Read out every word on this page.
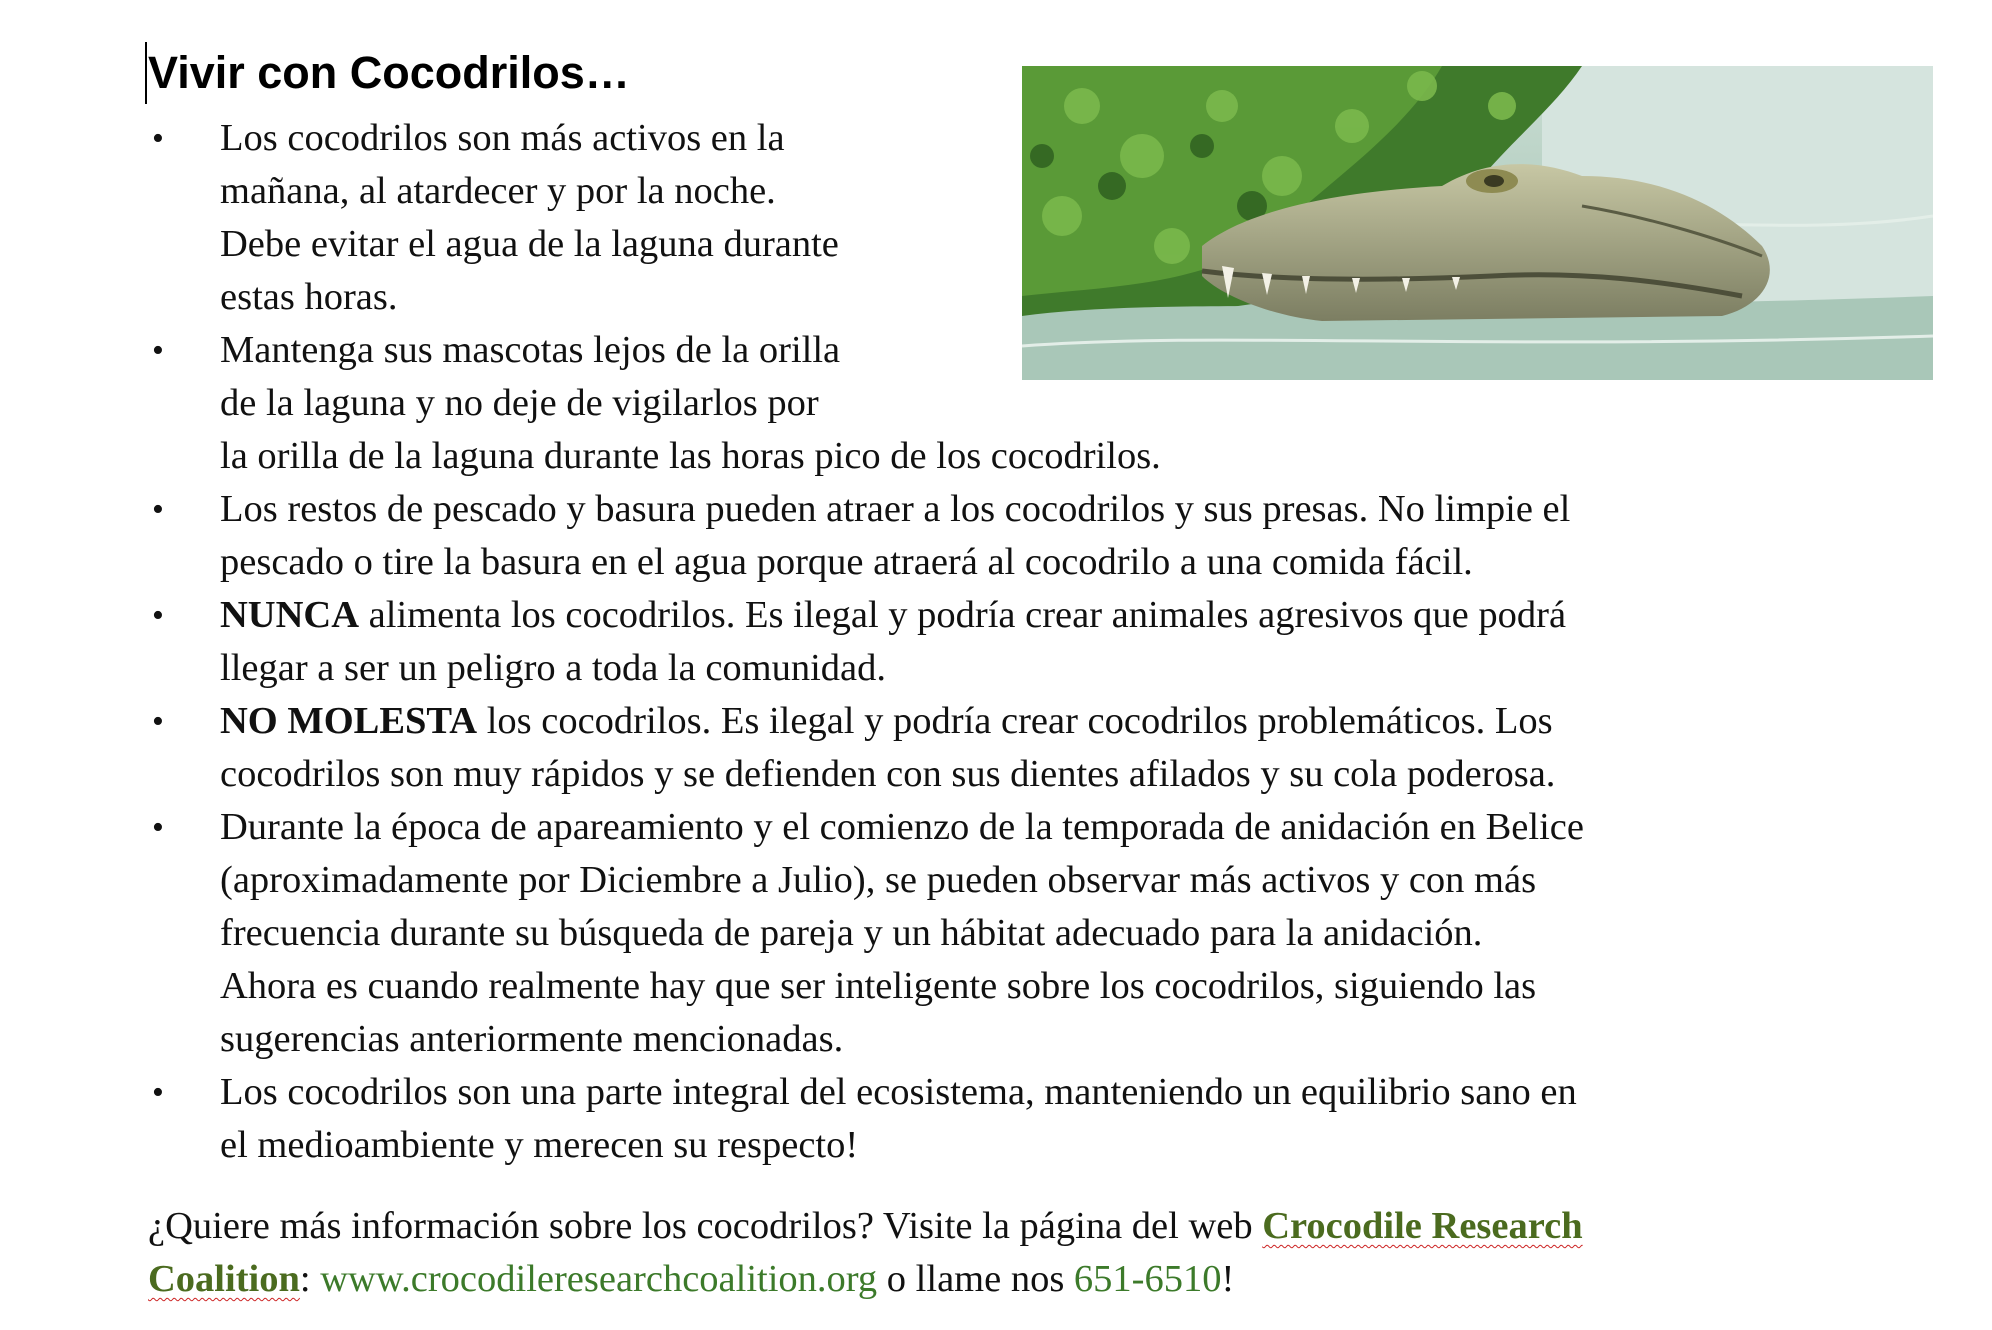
Vivir con Cocodrilos…
• Los cocodrilos son más activos en la
mañana, al atardecer y por la noche.
Debe evitar el agua de la laguna durante
estas horas.
• Mantenga sus mascotas lejos de la orilla
de la laguna y no deje de vigilarlos por
la orilla de la laguna durante las horas pico de los cocodrilos.
• Los restos de pescado y basura pueden atraer a los cocodrilos y sus presas. No limpie el
pescado o tire la basura en el agua porque atraerá al cocodrilo a una comida fácil.
• NUNCA alimenta los cocodrilos. Es ilegal y podría crear animales agresivos que podrá
llegar a ser un peligro a toda la comunidad.
• NO MOLESTA los cocodrilos. Es ilegal y podría crear cocodrilos problemáticos. Los
cocodrilos son muy rápidos y se defienden con sus dientes afilados y su cola poderosa.
• Durante la época de apareamiento y el comienzo de la temporada de anidación en Belice
(aproximadamente por Diciembre a Julio), se pueden observar más activos y con más
frecuencia durante su búsqueda de pareja y un hábitat adecuado para la anidación.
Ahora es cuando realmente hay que ser inteligente sobre los cocodrilos, siguiendo las
sugerencias anteriormente mencionadas.
• Los cocodrilos son una parte integral del ecosistema, manteniendo un equilibrio sano en
el medioambiente y merecen su respecto!

¿Quiere más información sobre los cocodrilos? Visite la página del web Crocodile Research
Coalition: www.crocodileresearchcoalition.org o llame nos 651-6510!
